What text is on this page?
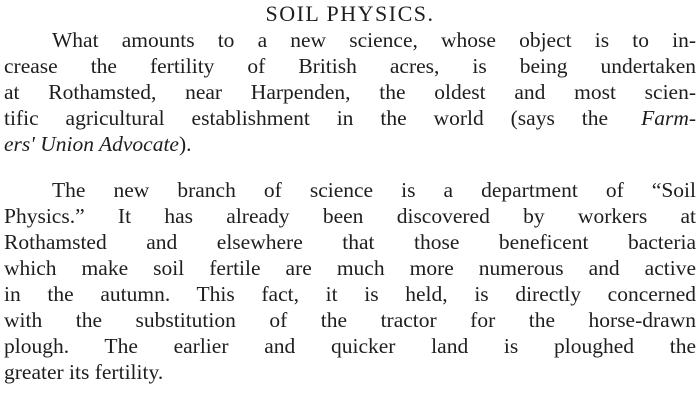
SOIL PHYSICS.
What amounts to a new science, whose object is to in-
crease the fertility of British acres, is being undertaken
at Rothamsted, near Harpenden, the oldest and most scien-
tific agricultural establishment in the world (says the	Farm-
ers' Union Advocate).
The new branch of science is a department of “Soil
Physics.” It has already been discovered by workers at
Rothamsted and elsewhere that those beneficent bacteria
which make soil fertile are much more numerous and active
in the autumn. This fact, it is held, is directly concerned
with the substitution of the tractor for the horse-drawn
plough. The earlier and quicker land is ploughed the
greater its fertility.
